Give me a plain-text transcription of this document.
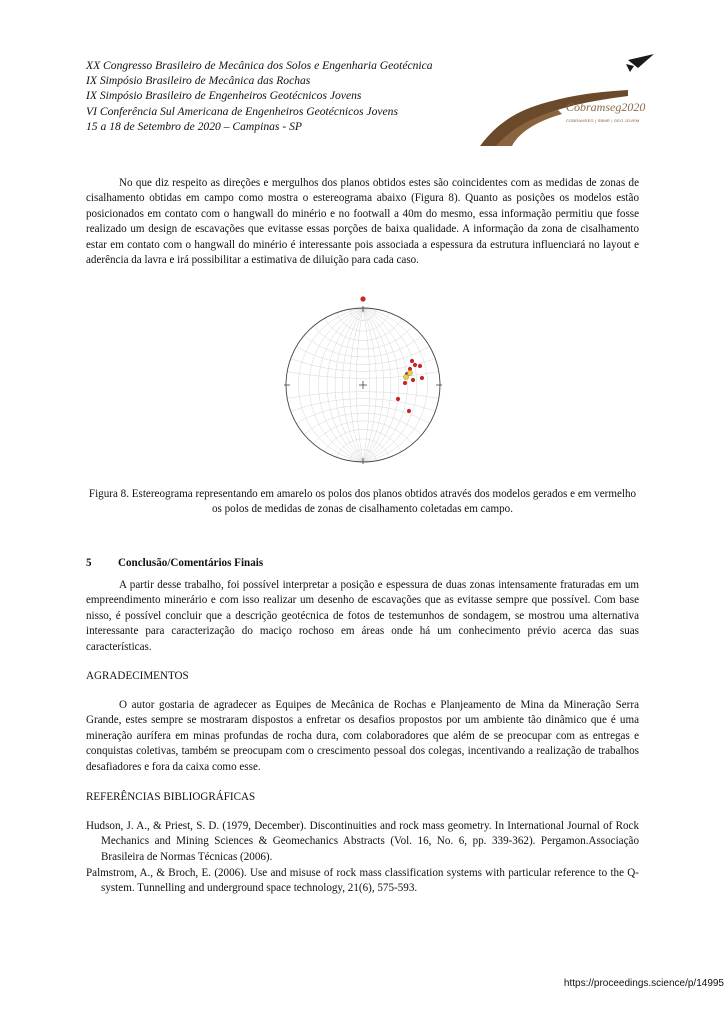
XX Congresso Brasileiro de Mecânica dos Solos e Engenharia Geotécnica
IX Simpósio Brasileiro de Mecânica das Rochas
IX Simpósio Brasileiro de Engenheiros Geotécnicos Jovens
VI Conferência Sul Americana de Engenheiros Geotécnicos Jovens
15 a 18 de Setembro de 2020 – Campinas - SP
Cobramseg2020
COBRAMSEG | SBMR | GEO JOVEM
No que diz respeito as direções e mergulhos dos planos obtidos estes são coincidentes com as medidas de zonas de cisalhamento obtidas em campo como mostra o estereograma abaixo (Figura 8). Quanto as posições os modelos estão posicionados em contato com o hangwall do minério e no footwall a 40m do mesmo, essa informação permitiu que fosse realizado um design de escavações que evitasse essas porções de baixa qualidade. A informação da zona de cisalhamento estar em contato com o hangwall do minério é interessante pois associada a espessura da estrutura influenciará no layout e aderência da lavra e irá possibilitar a estimativa de diluição para cada caso.
Figura 8. Estereograma representando em amarelo os polos dos planos obtidos através dos modelos gerados e em vermelho os polos de medidas de zonas de cisalhamento coletadas em campo.
5 Conclusão/Comentários Finais
A partir desse trabalho, foi possível interpretar a posição e espessura de duas zonas intensamente fraturadas em um empreendimento minerário e com isso realizar um desenho de escavações que as evitasse sempre que possível. Com base nisso, é possível concluir que a descrição geotécnica de fotos de testemunhos de sondagem, se mostrou uma alternativa interessante para caracterização do maciço rochoso em áreas onde há um conhecimento prévio acerca das suas características.
AGRADECIMENTOS
O autor gostaria de agradecer as Equipes de Mecânica de Rochas e Planjeamento de Mina da Mineração Serra Grande, estes sempre se mostraram dispostos a enfretar os desafios propostos por um ambiente tão dinâmico que é uma mineração aurífera em minas profundas de rocha dura, com colaboradores que além de se preocupar com as entregas e conquistas coletivas, também se preocupam com o crescimento pessoal dos colegas, incentivando a realização de trabalhos desafiadores e fora da caixa como esse.
REFERÊNCIAS BIBLIOGRÁFICAS
Hudson, J. A., & Priest, S. D. (1979, December). Discontinuities and rock mass geometry. In International Journal of Rock Mechanics and Mining Sciences & Geomechanics Abstracts (Vol. 16, No. 6, pp. 339-362). Pergamon.Associação Brasileira de Normas Técnicas (2006).
Palmstrom, A., & Broch, E. (2006). Use and misuse of rock mass classification systems with particular reference to the Q-system. Tunnelling and underground space technology, 21(6), 575-593.
https://proceedings.science/p/14995
